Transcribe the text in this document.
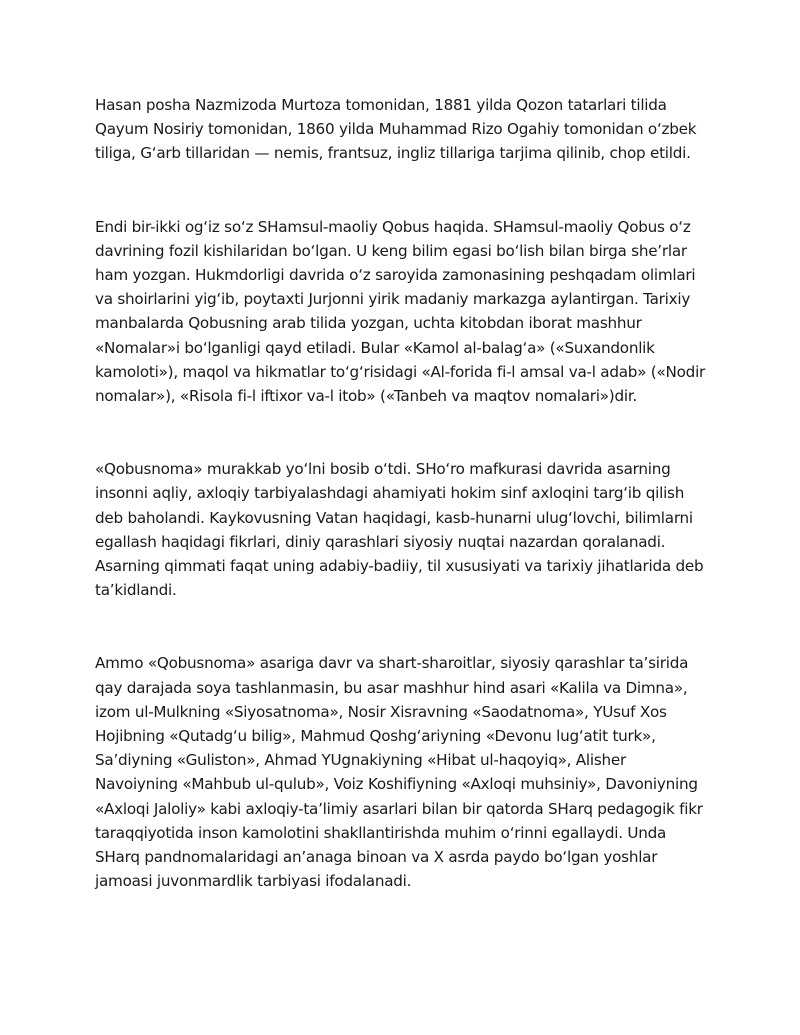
Hasan posha Nazmizoda Murtoza tomonidan, 1881 yilda Qozon tatarlari tilida Qayum Nosiriy tomonidan, 1860 yilda Muhammad Rizo Ogahiy tomonidan o‘zbek tiliga, G‘arb tillaridan — nemis, frantsuz, ingliz tillariga tarjima qilinib, chop etildi.

Endi bir-ikki og‘iz so‘z SHamsul-maoliy Qobus haqida. SHamsul-maoliy Qobus o‘z davrining fozil kishilaridan bo‘lgan. U keng bilim egasi bo‘lish bilan birga she’rlar ham yozgan. Hukmdorligi davrida o‘z saroyida zamonasining peshqadam olimlari va shoirlarini yig‘ib, poytaxti Jurjonni yirik madaniy markazga aylantirgan. Tarixiy manbalarda Qobusning arab tilida yozgan, uchta kitobdan iborat mashhur «Nomalar»i bo‘lganligi qayd etiladi. Bular «Kamol al-balag‘a» («Suxandonlik kamoloti»), maqol va hikmatlar to‘g‘risidagi «Al-forida fi-l amsal va-l adab» («Nodir nomalar»), «Risola fi-l iftixor va-l itob» («Tanbeh va maqtov nomalari»)dir.

«Qobusnoma» murakkab yo‘lni bosib o‘tdi. SHo‘ro mafkurasi davrida asarning insonni aqliy, axloqiy tarbiyalashdagi ahamiyati hokim sinf axloqini targ‘ib qilish deb baholandi. Kaykovusning Vatan haqidagi, kasb-hunarni ulug‘lovchi, bilimlarni egallash haqidagi fikrlari, diniy qarashlari siyosiy nuqtai nazardan qoralanadi. Asarning qimmati faqat uning adabiy-badiiy, til xususiyati va tarixiy jihatlarida deb ta’kidlandi.

Ammo «Qobusnoma» asariga davr va shart-sharoitlar, siyosiy qarashlar ta’sirida qay darajada soya tashlanmasin, bu asar mashhur hind asari «Kalila va Dimna», izom ul-Mulkning «Siyosatnoma», Nosir Xisravning «Saodatnoma», YUsuf Xos Hojibning «Qutadg‘u bilig», Mahmud Qoshg‘ariyning «Devonu lug‘atit turk», Sa’diyning «Guliston», Ahmad YUgnakiyning «Hibat ul-haqoyiq», Alisher Navoiyning «Mahbub ul-qulub», Voiz Koshifiyning «Axloqi muhsiniy», Davoniyning «Axloqi Jaloliy» kabi axloqiy-ta’limiy asarlari bilan bir qatorda SHarq pedagogik fikr taraqqiyotida inson kamolotini shakllantirishda muhim o‘rinni egallaydi. Unda SHarq pandnomalaridagi an’anaga binoan va X asrda paydo bo‘lgan yoshlar jamoasi juvonmardlik tarbiyasi ifodalanadi.
